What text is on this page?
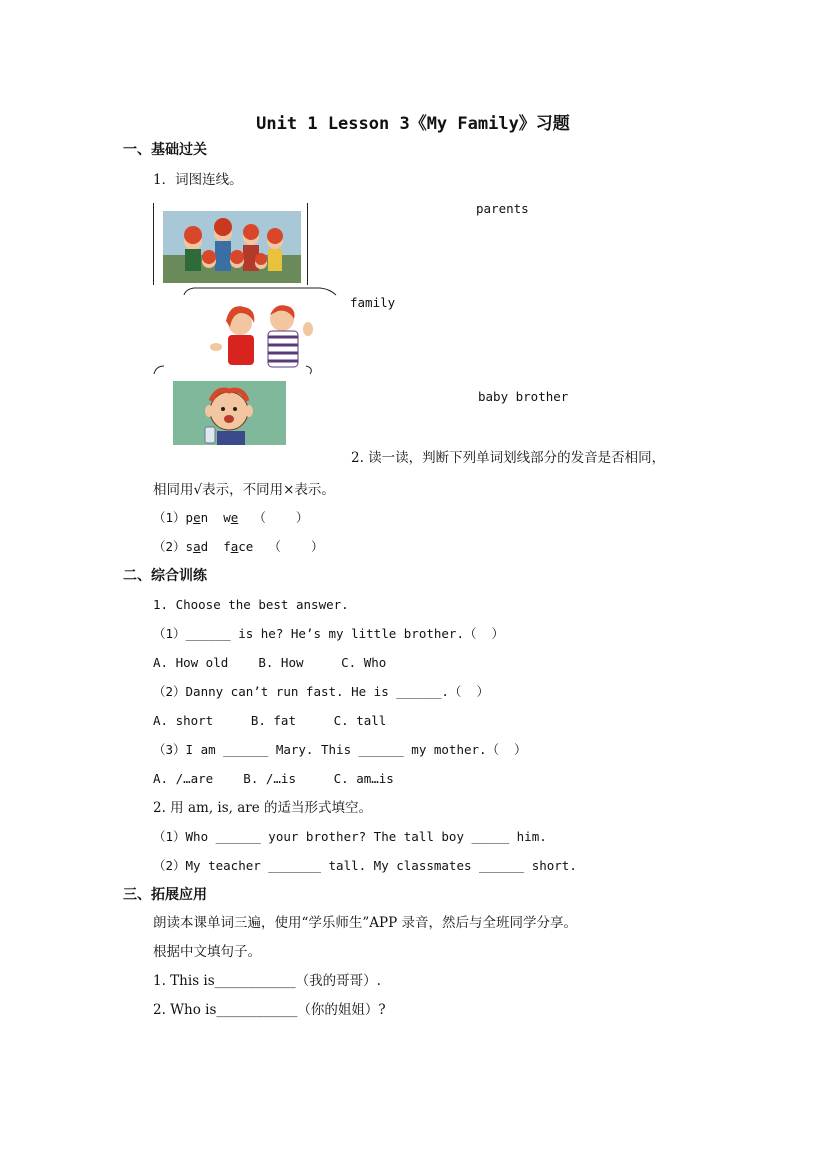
Unit 1 Lesson 3《My Family》习题
一、基础过关
1．词图连线。
parents
family
baby brother
2. 读一读，判断下列单词划线部分的发音是否相同，
相同用√表示，不同用×表示。
（1）pen we （    ）
（2）sad face （    ）
二、综合训练
1. Choose the best answer.
（1）______ is he? He’s my little brother.（  ）
A. How old    B. How     C. Who
（2）Danny can’t run fast. He is ______.（  ）
A. short     B. fat     C. tall
（3）I am ______ Mary. This ______ my mother.（  ）
A. /…are    B. /…is     C. am…is
2. 用 am, is, are 的适当形式填空。
（1）Who ______ your brother? The tall boy _____ him.
（2）My teacher _______ tall. My classmates ______ short.
三、拓展应用
朗读本课单词三遍，使用“学乐师生”APP 录音，然后与全班同学分享。
根据中文填句子。
1. This is____________（我的哥哥）.
2. Who is____________（你的姐姐）?
